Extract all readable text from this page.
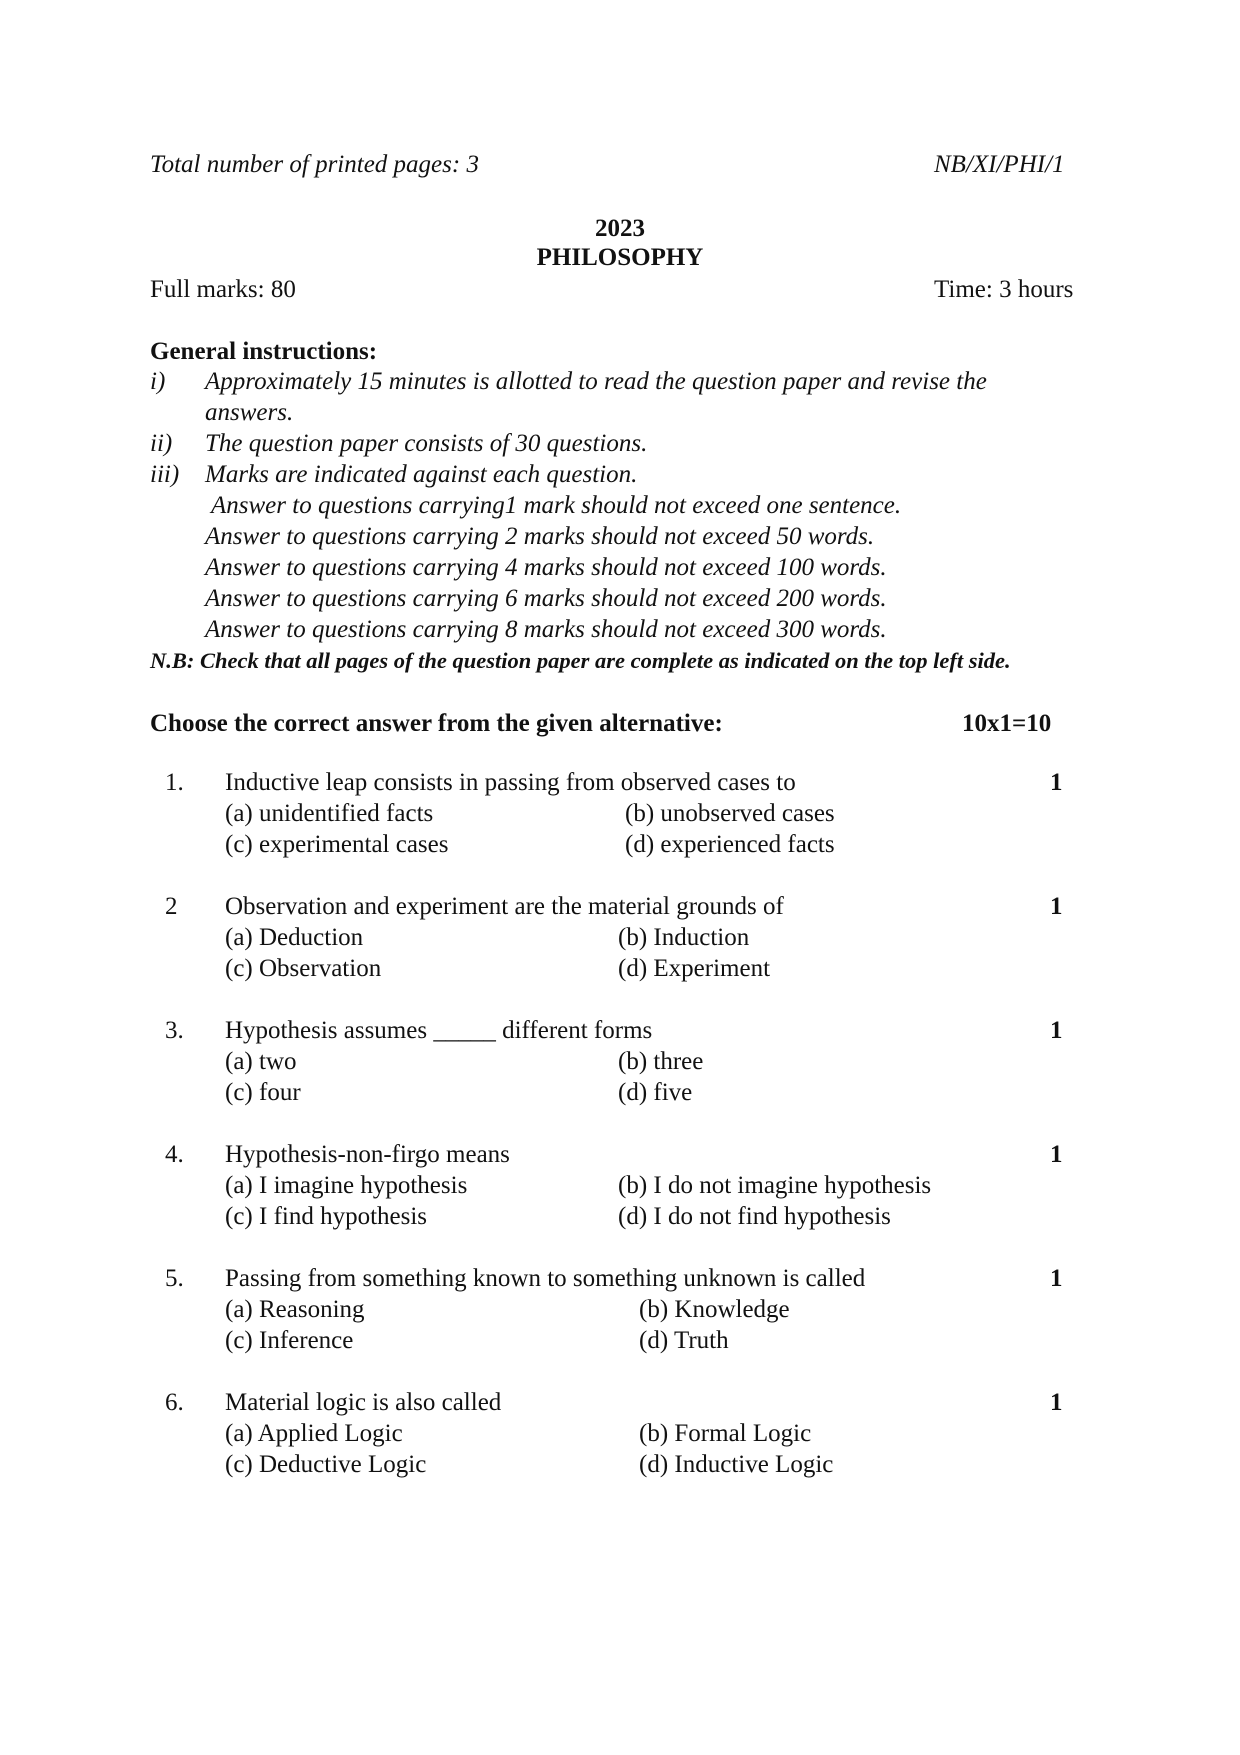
Total number of printed pages: 3	NB/XI/PHI/1
2023
PHILOSOPHY
Full marks: 80	Time: 3 hours
General instructions:
i) Approximately 15 minutes is allotted to read the question paper and revise the
answers.
ii) The question paper consists of 30 questions.
iii) Marks are indicated against each question.
Answer to questions carrying1 mark should not exceed one sentence.
Answer to questions carrying 2 marks should not exceed 50 words.
Answer to questions carrying 4 marks should not exceed 100 words.
Answer to questions carrying 6 marks should not exceed 200 words.
Answer to questions carrying 8 marks should not exceed 300 words.
N.B: Check that all pages of the question paper are complete as indicated on the top left side.
Choose the correct answer from the given alternative:	10x1=10
1. Inductive leap consists in passing from observed cases to	1
(a) unidentified facts	(b) unobserved cases
(c) experimental cases	(d) experienced facts
2 Observation and experiment are the material grounds of	1
(a) Deduction	(b) Induction
(c) Observation	(d) Experiment
3. Hypothesis assumes _____ different forms	1
(a) two	(b) three
(c) four	(d) five
4. Hypothesis-non-firgo means	1
(a) I imagine hypothesis	(b) I do not imagine hypothesis
(c) I find hypothesis	(d) I do not find hypothesis
5. Passing from something known to something unknown is called	1
(a) Reasoning	(b) Knowledge
(c) Inference	(d) Truth
6. Material logic is also called	1
(a) Applied Logic	(b) Formal Logic
(c) Deductive Logic	(d) Inductive Logic
